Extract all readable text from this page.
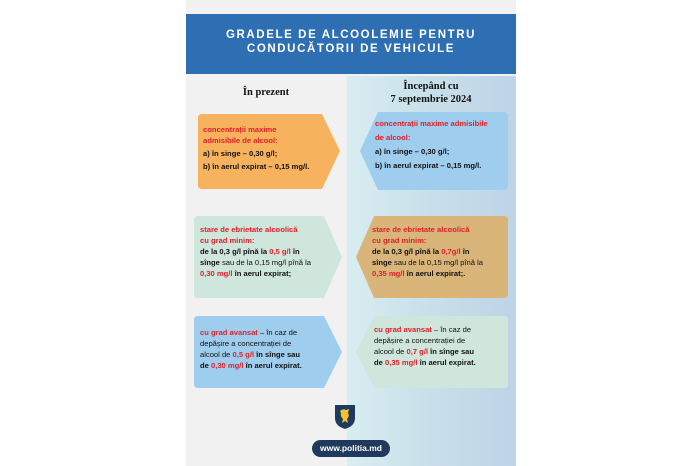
GRADELE DE ALCOOLEMIE PENTRU
CONDUCĂTORII DE VEHICULE
În prezent
Începând cu
7 septembrie 2024
concentrații maxime
admisibile de alcool:
a) în singe – 0,30 g/l;
b) în aerul expirat – 0,15 mg/l.
concentrații maxime admisibile
de alcool:
a) în singe – 0,30 g/l;
b) în aerul expirat – 0,15 mg/l.
stare de ebrietate alcoolică
cu grad minim:
de la 0,3 g/l pînă la 0,5 g/l în
sînge sau de la 0,15 mg/l pînă la
0,30 mg/l în aerul expirat;
stare de ebrietate alcoolică
cu grad minim:
de la 0,3 g/l pînă la 0,7g/l în
sînge sau de la 0,15 mg/l pînă la
0,35 mg/l în aerul expirat;.
cu grad avansat – în caz de
depășire a concentrației de
alcool de 0,5 g/l în sînge sau
de 0,30 mg/l în aerul expirat.
cu grad avansat – în caz de
depășire a concentrației de
alcool de 0,7 g/l în sînge sau
de 0,35 mg/l în aerul expirat.
www.politia.md
